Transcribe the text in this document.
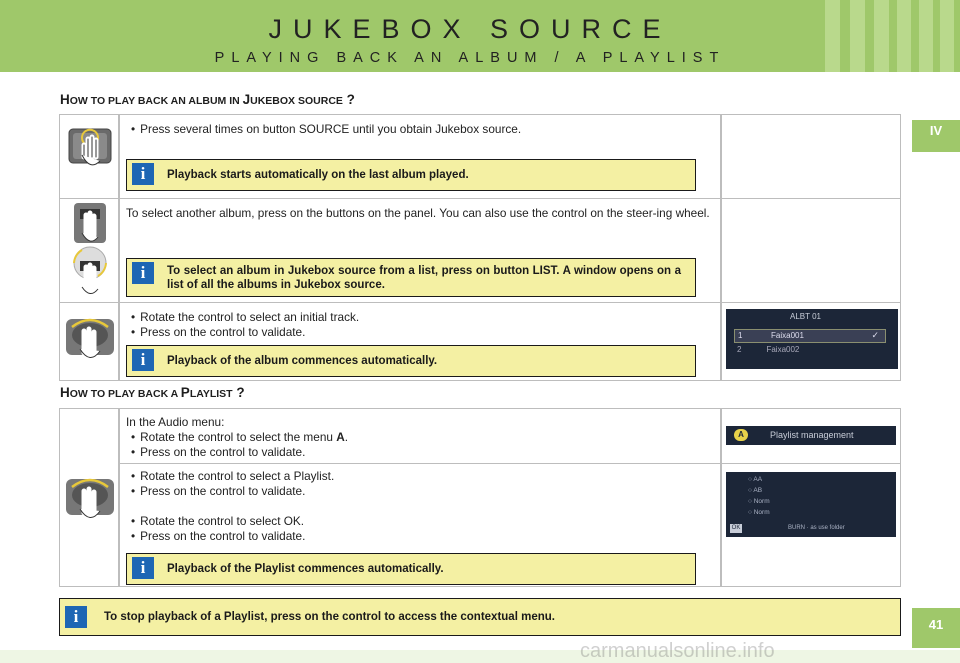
JUKEBOX SOURCE
PLAYING BACK AN ALBUM / A PLAYLIST
IV
41
HOW TO PLAY BACK AN ALBUM IN JUKEBOX SOURCE ?
• Press several times on button SOURCE until you obtain Jukebox source.
i	Playback starts automatically on the last album played.
To select another album, press on the buttons on the panel. You can also use the control on the steer-ing wheel.
i	To select an album in Jukebox source from a list, press on button LIST. A window opens on a list of all the albums in Jukebox source.
• Rotate the control to select an initial track.
• Press on the control to validate.
i	Playback of the album commences automatically.
ALBT 01
1	Faixa001	✓
2	Faixa002
HOW TO PLAY BACK A PLAYLIST ?
In the Audio menu:
• Rotate the control to select the menu A.
• Press on the control to validate.
A	Playlist management
• Rotate the control to select a Playlist.
• Press on the control to validate.
• Rotate the control to select OK.
• Press on the control to validate.
i	Playback of the Playlist commences automatically.
○ AA
○ AB
○ Norm
○ Norm
OK	BURN · as use folder
i	To stop playback of a Playlist, press on the control to access the contextual menu.
carmanualsonline.info
